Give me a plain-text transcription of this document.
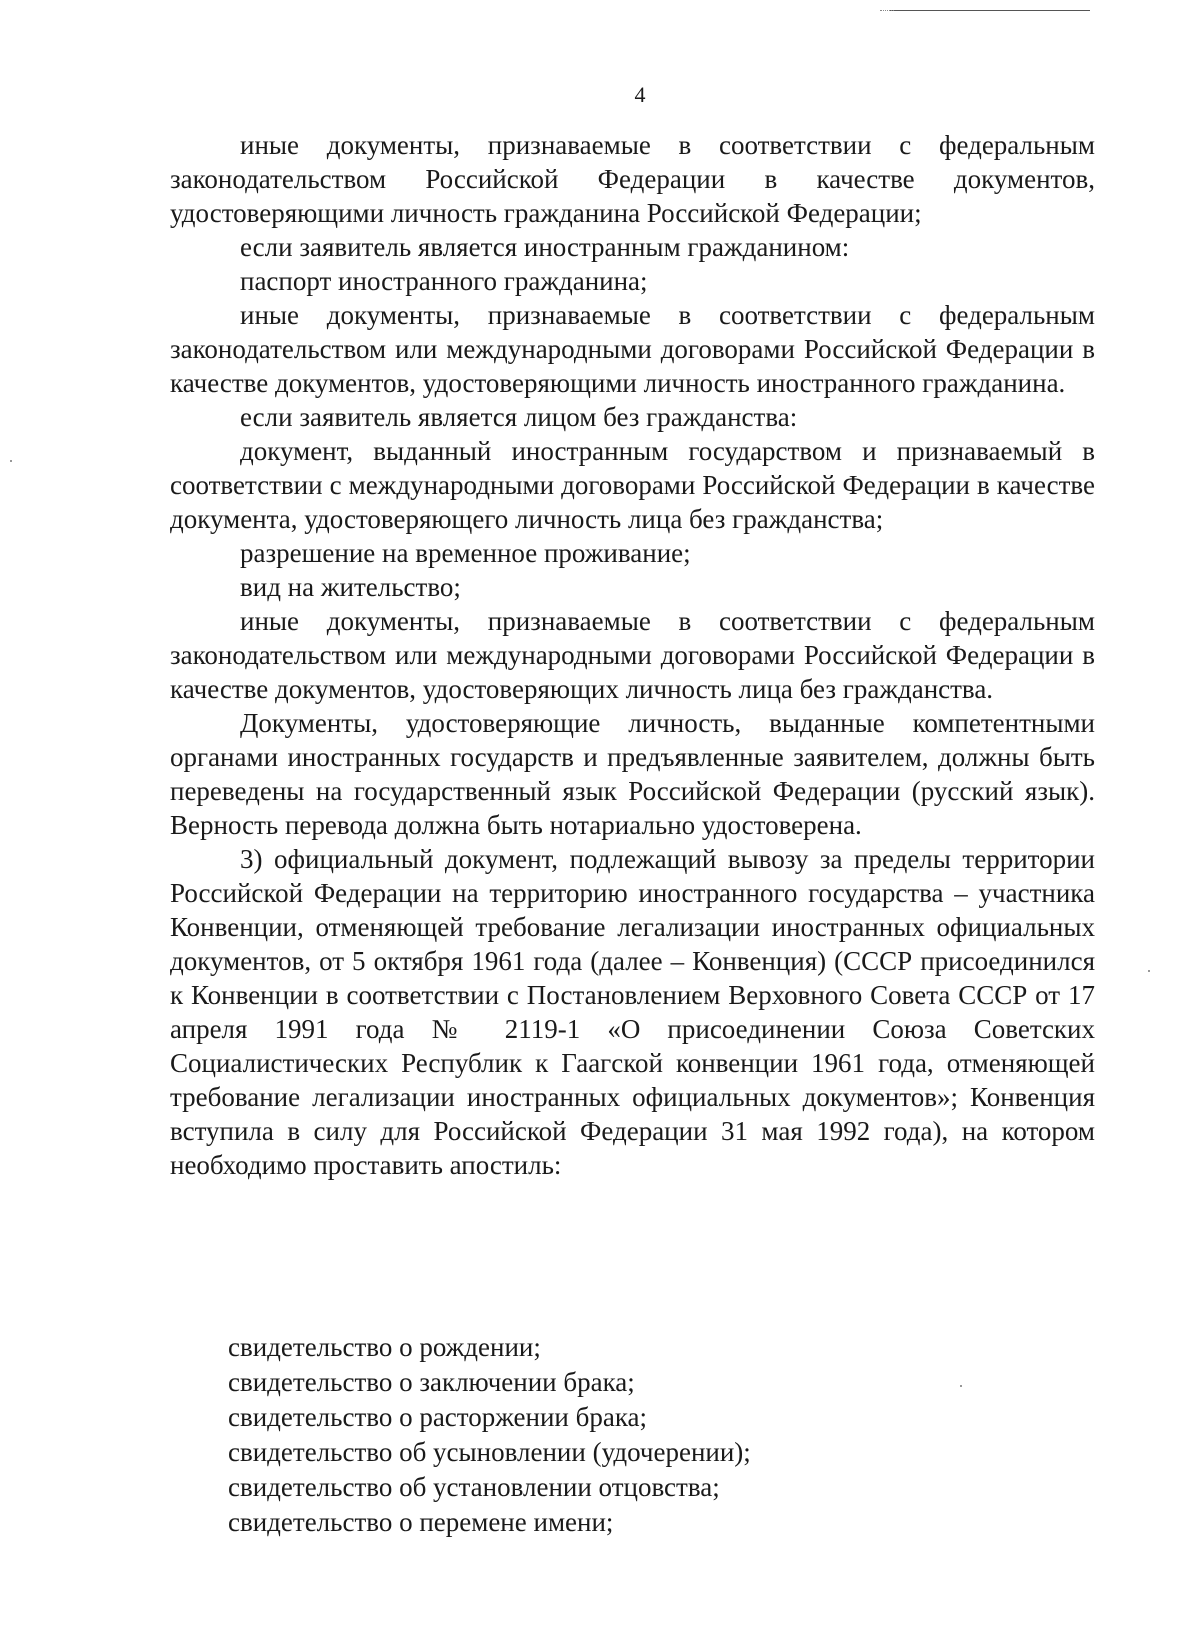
4

иные документы, признаваемые в соответствии с федеральным законодательством Российской Федерации в качестве документов, удостоверяющими личность гражданина Российской Федерации;

если заявитель является иностранным гражданином:

паспорт иностранного гражданина;

иные документы, признаваемые в соответствии с федеральным законодательством или международными договорами Российской Федерации в качестве документов, удостоверяющими личность иностранного гражданина.

если заявитель является лицом без гражданства:

документ, выданный иностранным государством и признаваемый в соответствии с международными договорами Российской Федерации в качестве документа, удостоверяющего личность лица без гражданства;

разрешение на временное проживание;

вид на жительство;

иные документы, признаваемые в соответствии с федеральным законодательством или международными договорами Российской Федерации в качестве документов, удостоверяющих личность лица без гражданства.

Документы, удостоверяющие личность, выданные компетентными органами иностранных государств и предъявленные заявителем, должны быть переведены на государственный язык Российской Федерации (русский язык). Верность перевода должна быть нотариально удостоверена.

3) официальный документ, подлежащий вывозу за пределы территории Российской Федерации на территорию иностранного государства – участника Конвенции, отменяющей требование легализации иностранных официальных документов, от 5 октября 1961 года (далее – Конвенция) (СССР присоединился к Конвенции в соответствии с Постановлением Верховного Совета СССР от 17 апреля 1991 года № 2119-1 «О присоединении Союза Советских Социалистических Республик к Гаагской конвенции 1961 года, отменяющей требование легализации иностранных официальных документов»; Конвенция вступила в силу для Российской Федерации 31 мая 1992 года), на котором необходимо проставить апостиль:

свидетельство о рождении;

свидетельство о заключении брака;

свидетельство о расторжении брака;

свидетельство об усыновлении (удочерении);

свидетельство об установлении отцовства;

свидетельство о перемене имени;
